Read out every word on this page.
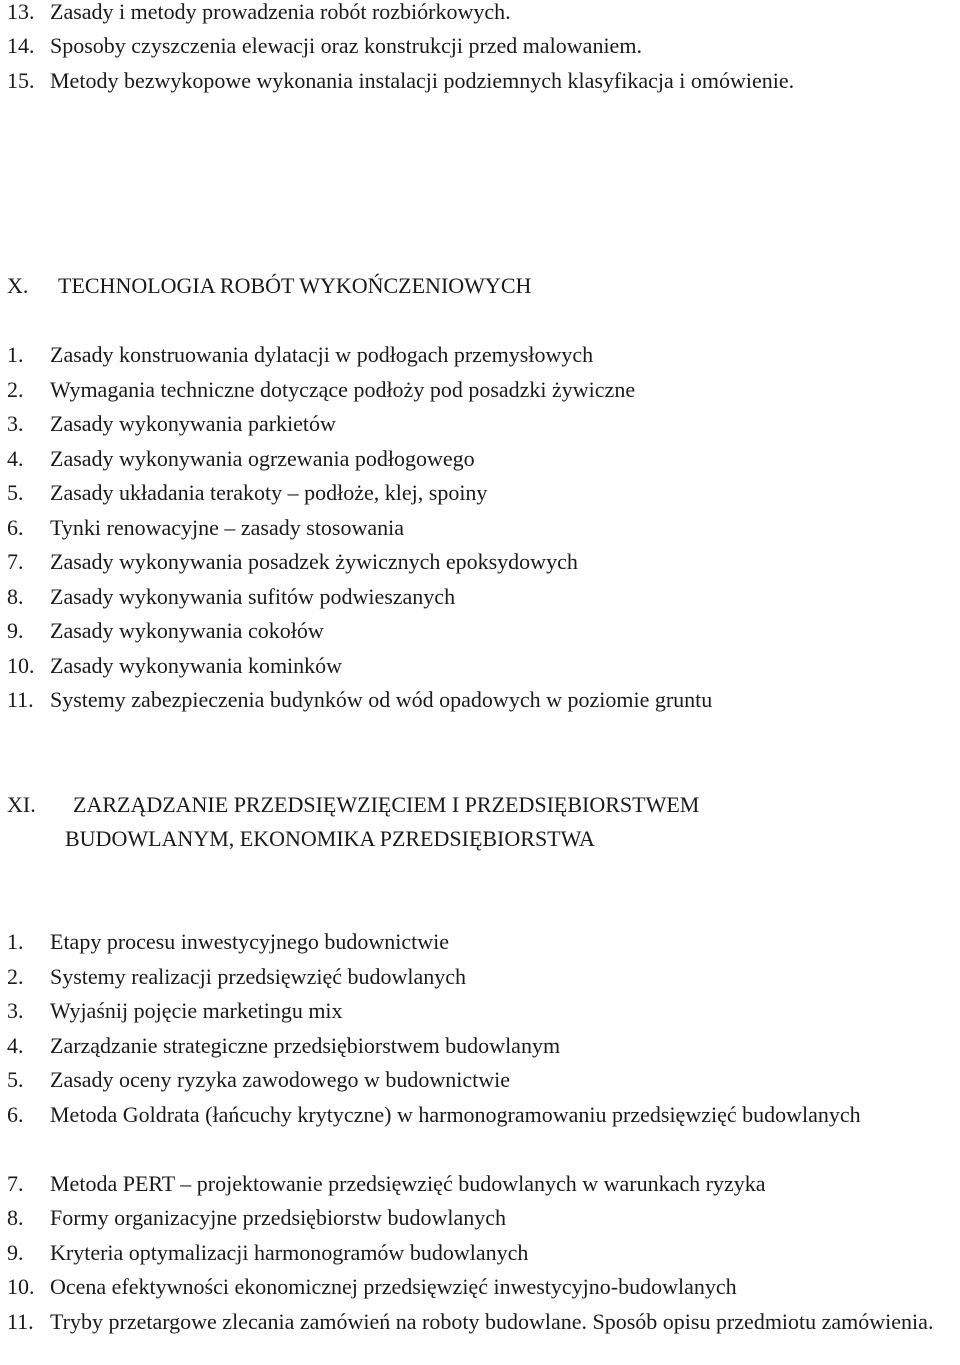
13. Zasady i metody prowadzenia robót rozbiórkowych.
14. Sposoby czyszczenia elewacji oraz konstrukcji przed malowaniem.
15. Metody bezwykopowe wykonania instalacji podziemnych klasyfikacja i omówienie.
X. TECHNOLOGIA ROBÓT WYKOŃCZENIOWYCH
1. Zasady konstruowania dylatacji w podłogach przemysłowych
2. Wymagania techniczne dotyczące podłoży pod posadzki żywiczne
3. Zasady wykonywania parkietów
4. Zasady wykonywania ogrzewania podłogowego
5. Zasady układania terakoty – podłoże, klej, spoiny
6. Tynki renowacyjne – zasady stosowania
7. Zasady wykonywania posadzek żywicznych epoksydowych
8. Zasady wykonywania sufitów podwieszanych
9. Zasady wykonywania cokołów
10. Zasady wykonywania kominków
11. Systemy zabezpieczenia budynków od wód opadowych w poziomie gruntu
XI. ZARZĄDZANIE PRZEDSIĘWZIĘCIEM I PRZEDSIĘBIORSTWEM
BUDOWLANYM, EKONOMIKA PZREDSIĘBIORSTWA
1. Etapy procesu inwestycyjnego budownictwie
2. Systemy realizacji przedsięwzięć budowlanych
3. Wyjaśnij pojęcie marketingu mix
4. Zarządzanie strategiczne przedsiębiorstwem budowlanym
5. Zasady oceny ryzyka zawodowego w budownictwie
6. Metoda Goldrata (łańcuchy krytyczne) w harmonogramowaniu przedsięwzięć budowlanych
7. Metoda PERT – projektowanie przedsięwzięć budowlanych w warunkach ryzyka
8. Formy organizacyjne przedsiębiorstw budowlanych
9. Kryteria optymalizacji harmonogramów budowlanych
10. Ocena efektywności ekonomicznej przedsięwzięć inwestycyjno-budowlanych
11. Tryby przetargowe zlecania zamówień na roboty budowlane. Sposób opisu przedmiotu zamówienia.
